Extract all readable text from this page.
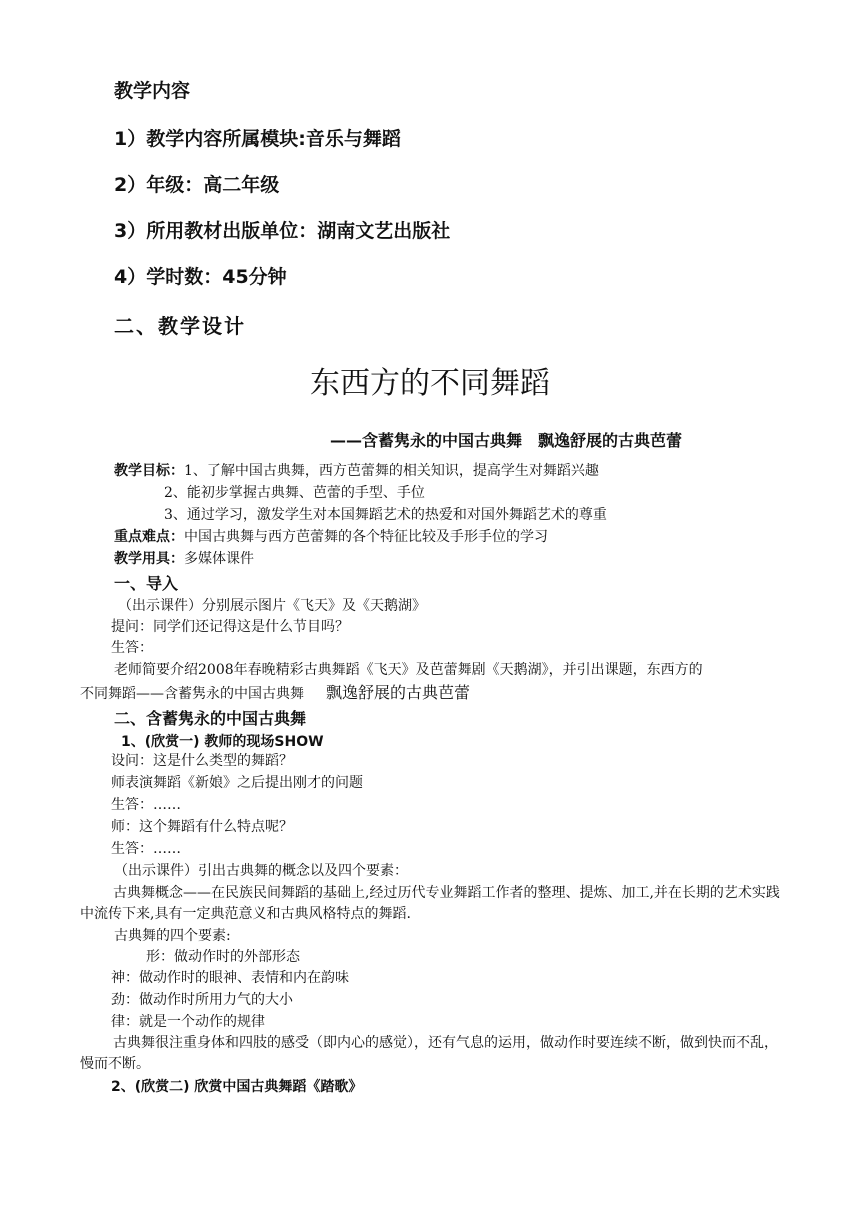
教学内容
1）教学内容所属模块:音乐与舞蹈
2）年级：高二年级
3）所用教材出版单位：湖南文艺出版社
4）学时数：45分钟
二、教学设计
东西方的不同舞蹈
——含蓄隽永的中国古典舞　飘逸舒展的古典芭蕾
教学目标：1、了解中国古典舞，西方芭蕾舞的相关知识，提高学生对舞蹈兴趣
2、能初步掌握古典舞、芭蕾的手型、手位
3、通过学习，激发学生对本国舞蹈艺术的热爱和对国外舞蹈艺术的尊重
重点难点：中国古典舞与西方芭蕾舞的各个特征比较及手形手位的学习
教学用具：多媒体课件
一、导入
（出示课件）分别展示图片《飞天》及《天鹅湖》
提问：同学们还记得这是什么节目吗？
生答：
老师简要介绍2008年春晚精彩古典舞蹈《飞天》及芭蕾舞剧《天鹅湖》，并引出课题，东西方的
不同舞蹈——含蓄隽永的中国古典舞 飘逸舒展的古典芭蕾
二、含蓄隽永的中国古典舞
1、(欣赏一) 教师的现场SHOW
设问：这是什么类型的舞蹈？
师表演舞蹈《新娘》之后提出刚才的问题
生答：……
师：这个舞蹈有什么特点呢？
生答：……
（出示课件）引出古典舞的概念以及四个要素：
古典舞概念——在民族民间舞蹈的基础上,经过历代专业舞蹈工作者的整理、提炼、加工,并在长期的艺术实践中流传下来,具有一定典范意义和古典风格特点的舞蹈.
古典舞的四个要素:
形：做动作时的外部形态
神：做动作时的眼神、表情和内在韵味
劲：做动作时所用力气的大小
律：就是一个动作的规律
古典舞很注重身体和四肢的感受（即内心的感觉），还有气息的运用，做动作时要连续不断，做到快而不乱，慢而不断。
2、(欣赏二) 欣赏中国古典舞蹈《踏歌》
